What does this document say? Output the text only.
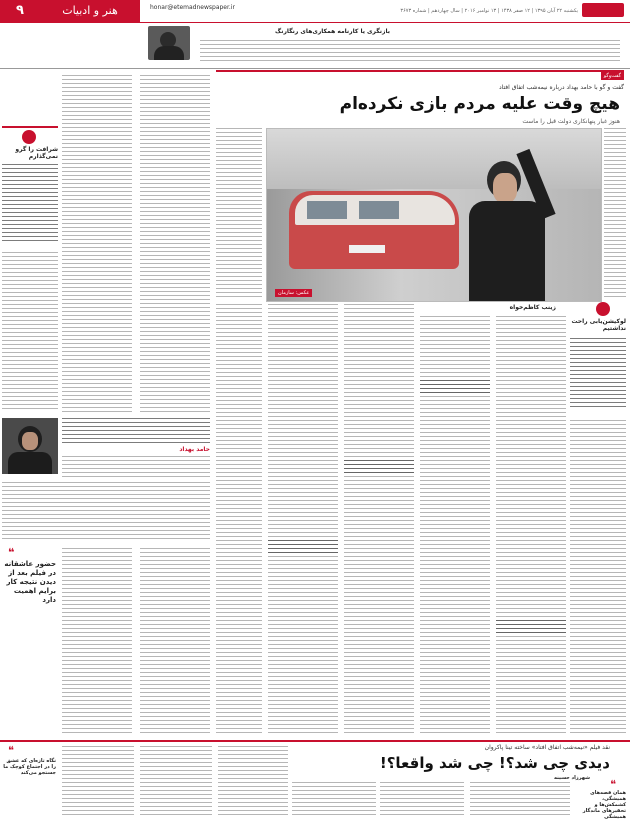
۹	هنر و ادبیات	یکشنبه ۲۲ آبان ۱۳۹۵ | ۱۲ صفر ۱۴۳۸ | ۱۳ نوامبر ۲۰۱۶ | سال چهاردهم | شماره ۳۶۷۳
honar@etemadnewspaper.ir
بازنگری یا کارنامه همکاری‌های رنگارنگ
شرافت را گرو نمی‌گذارم
گفت‌وگو
گفت و گو با حامد بهداد درباره نیمه‌شب اتفاق افتاد
هیچ وقت علیه مردم بازی نکرده‌ام
هنوز غبار پنهانکاری دولت قبل را ماست
عکس: سازمان
لوکیشن‌یابی راحت نداشتیم
زینب کاظم‌خواه
حامد بهداد
❝
حضور عاشقانه در فیلم بعد از دیدن نتیجه کار برایم اهمیت دارد
نقد فیلم «نیمه‌شب اتفاق افتاد» ساخته تینا پاکروان
دیدی چی شد؟! چی شد واقعا؟!
شهرزاد حسینه ❝
همان قصه‌های همیشگی، کشمکش‌ها و تحقیرهای ماندگار همیشگی
❝
نگاه تازه‌ای که عشق را در اجتماع کوچک ما جستجو می‌کند
